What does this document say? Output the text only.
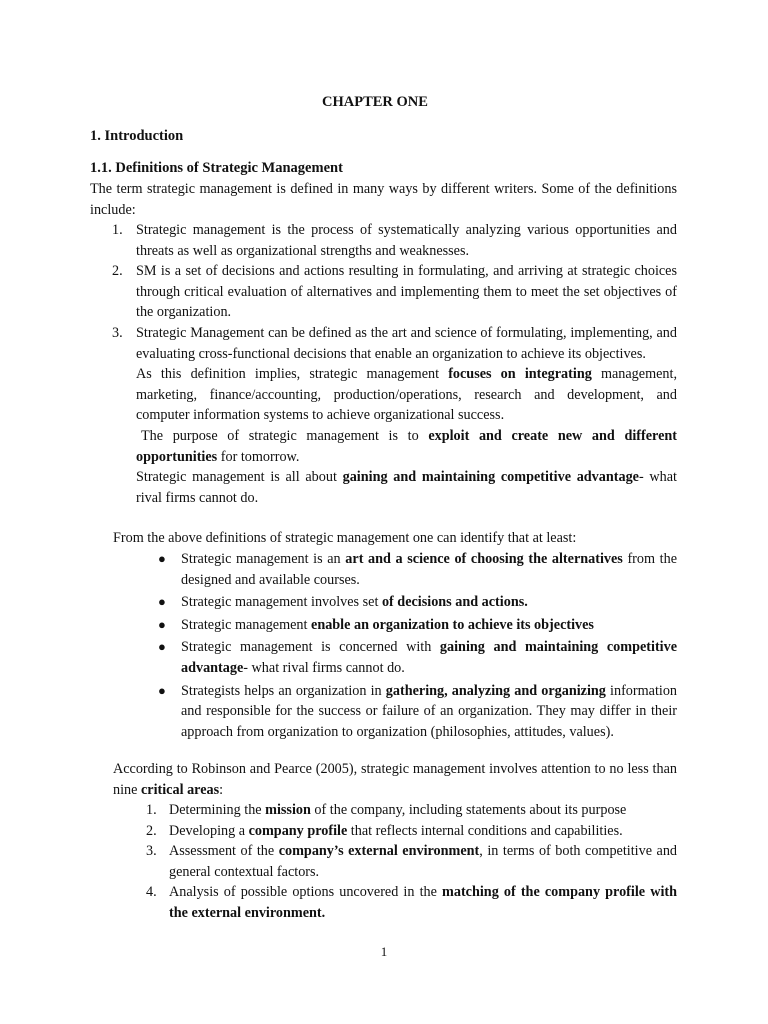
CHAPTER ONE
1. Introduction
1.1. Definitions of Strategic Management
The term strategic management is defined in many ways by different writers. Some of the definitions include:
1. Strategic management is the process of systematically analyzing various opportunities and threats as well as organizational strengths and weaknesses.
2. SM is a set of decisions and actions resulting in formulating, and arriving at strategic choices through critical evaluation of alternatives and implementing them to meet the set objectives of the organization.
3. Strategic Management can be defined as the art and science of formulating, implementing, and evaluating cross-functional decisions that enable an organization to achieve its objectives.
As this definition implies, strategic management focuses on integrating management, marketing, finance/accounting, production/operations, research and development, and computer information systems to achieve organizational success.
The purpose of strategic management is to exploit and create new and different opportunities for tomorrow.
Strategic management is all about gaining and maintaining competitive advantage- what rival firms cannot do.
From the above definitions of strategic management one can identify that at least:
● Strategic management is an art and a science of choosing the alternatives from the designed and available courses.
● Strategic management involves set of decisions and actions.
● Strategic management enable an organization to achieve its objectives
● Strategic management is concerned with gaining and maintaining competitive advantage- what rival firms cannot do.
● Strategists helps an organization in gathering, analyzing and organizing information and responsible for the success or failure of an organization. They may differ in their approach from organization to organization (philosophies, attitudes, values).
According to Robinson and Pearce (2005), strategic management involves attention to no less than nine critical areas:
1. Determining the mission of the company, including statements about its purpose
2. Developing a company profile that reflects internal conditions and capabilities.
3. Assessment of the company’s external environment, in terms of both competitive and general contextual factors.
4. Analysis of possible options uncovered in the matching of the company profile with the external environment.
1
